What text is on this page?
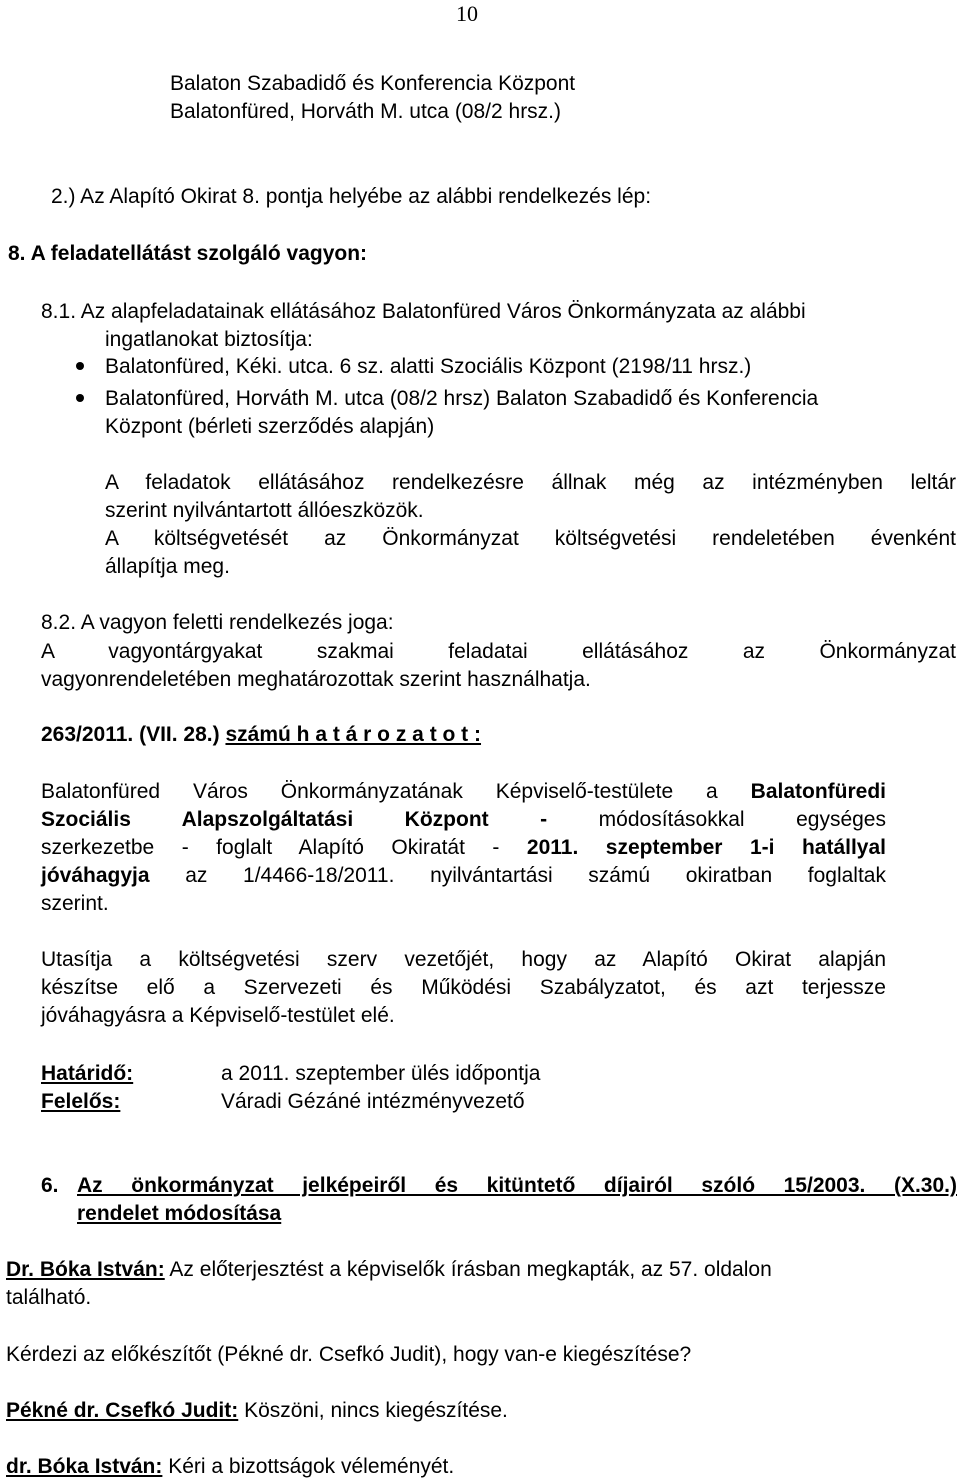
10
Balaton Szabadidő és Konferencia Központ
Balatonfüred, Horváth M. utca (08/2 hrsz.)
2.) Az Alapító Okirat 8. pontja helyébe az alábbi rendelkezés lép:
8. A feladatellátást szolgáló vagyon:
8.1. Az alapfeladatainak ellátásához Balatonfüred Város Önkormányzata az alábbi
ingatlanokat biztosítja:
Balatonfüred, Kéki. utca. 6 sz. alatti Szociális Központ (2198/11 hrsz.)
Balatonfüred, Horváth M. utca (08/2 hrsz) Balaton Szabadidő és Konferencia
Központ (bérleti szerződés alapján)
A feladatok ellátásához rendelkezésre állnak még az intézményben leltár
szerint nyilvántartott állóeszközök.
A költségvetését az Önkormányzat költségvetési rendeletében évenként
állapítja meg.
8.2. A vagyon feletti rendelkezés joga:
A vagyontárgyakat szakmai feladatai ellátásához az Önkormányzat
vagyonrendeletében meghatározottak szerint használhatja.
263/2011. (VII. 28.) számú h a t á r o z a t o t :
Balatonfüred Város Önkormányzatának Képviselő-testülete a Balatonfüredi
Szociális Alapszolgáltatási Központ - módosításokkal egységes
szerkezetbe - foglalt Alapító Okiratát - 2011. szeptember 1-i hatállyal
jóváhagyja az 1/4466-18/2011. nyilvántartási számú okiratban foglaltak
szerint.
Utasítja a költségvetési szerv vezetőjét, hogy az Alapító Okirat alapján
készítse elő a Szervezeti és Működési Szabályzatot, és azt terjessze
jóváhagyásra a Képviselő-testület elé.
Határidő:	a 2011. szeptember ülés időpontja
Felelős:	Váradi Gézáné intézményvezető
6. Az önkormányzat jelképeiről és kitüntető díjairól szóló 15/2003. (X.30.)
rendelet módosítása
Dr. Bóka István: Az előterjesztést a képviselők írásban megkapták, az 57. oldalon
található.
Kérdezi az előkészítőt (Pékné dr. Csefkó Judit), hogy van-e kiegészítése?
Pékné dr. Csefkó Judit: Köszöni, nincs kiegészítése.
dr. Bóka István: Kéri a bizottságok véleményét.
